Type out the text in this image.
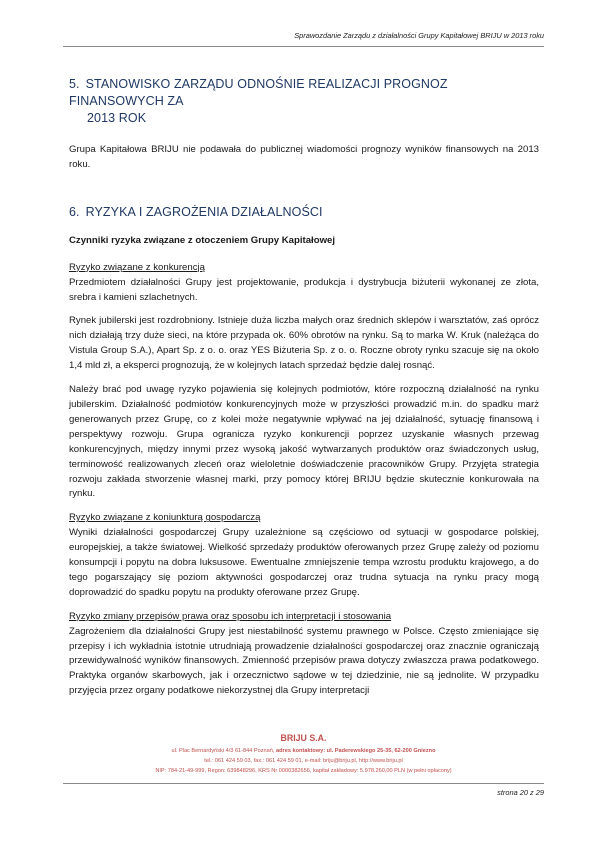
Sprawozdanie Zarządu z działalności Grupy Kapitałowej BRIJU w 2013 roku
5. STANOWISKO ZARZĄDU ODNOŚNIE REALIZACJI PROGNOZ FINANSOWYCH ZA
2013 ROK

Grupa Kapitałowa BRIJU nie podawała do publicznej wiadomości prognozy wyników finansowych na 2013 roku.

6. RYZYKA I ZAGROŻENIA DZIAŁALNOŚCI

Czynniki ryzyka związane z otoczeniem Grupy Kapitałowej

Ryzyko związane z konkurencją

Przedmiotem działalności Grupy jest projektowanie, produkcja i dystrybucja biżuterii wykonanej ze złota, srebra i kamieni szlachetnych.

Rynek jubilerski jest rozdrobniony. Istnieje duża liczba małych oraz średnich sklepów i warsztatów, zaś oprócz nich działają trzy duże sieci, na które przypada ok. 60% obrotów na rynku. Są to marka W. Kruk (należąca do Vistula Group S.A.), Apart Sp. z o. o. oraz YES Biżuteria Sp. z o. o. Roczne obroty rynku szacuje się na około 1,4 mld zł, a eksperci prognozują, że w kolejnych latach sprzedaż będzie dalej rosnąć.

Należy brać pod uwagę ryzyko pojawienia się kolejnych podmiotów, które rozpoczną działalność na rynku jubilerskim. Działalność podmiotów konkurencyjnych może w przyszłości prowadzić m.in. do spadku marż generowanych przez Grupę, co z kolei może negatywnie wpływać na jej działalność, sytuację finansową i perspektywy rozwoju. Grupa ogranicza ryzyko konkurencji poprzez uzyskanie własnych przewag konkurencyjnych, między innymi przez wysoką jakość wytwarzanych produktów oraz świadczonych usług, terminowość realizowanych zleceń oraz wieloletnie doświadczenie pracowników Grupy. Przyjęta strategia rozwoju zakłada stworzenie własnej marki, przy pomocy której BRIJU będzie skutecznie konkurowała na rynku.

Ryzyko związane z koniunkturą gospodarczą

Wyniki działalności gospodarczej Grupy uzależnione są częściowo od sytuacji w gospodarce polskiej, europejskiej, a także światowej. Wielkość sprzedaży produktów oferowanych przez Grupę zależy od poziomu konsumpcji i popytu na dobra luksusowe. Ewentualne zmniejszenie tempa wzrostu produktu krajowego, a do tego pogarszający się poziom aktywności gospodarczej oraz trudna sytuacja na rynku pracy mogą doprowadzić do spadku popytu na produkty oferowane przez Grupę.

Ryzyko zmiany przepisów prawa oraz sposobu ich interpretacji i stosowania

Zagrożeniem dla działalności Grupy jest niestabilność systemu prawnego w Polsce. Często zmieniające się przepisy i ich wykładnia istotnie utrudniają prowadzenie działalności gospodarczej oraz znacznie ograniczają przewidywalność wyników finansowych. Zmienność przepisów prawa dotyczy zwłaszcza prawa podatkowego. Praktyka organów skarbowych, jak i orzecznictwo sądowe w tej dziedzinie, nie są jednolite. W przypadku przyjęcia przez organy podatkowe niekorzystnej dla Grupy interpretacji

BRIJU S.A.
ul. Plac Bernardyński 4/3 61-844 Poznań, adres kontaktowy: ul. Paderewskiego 25-35, 62-200 Gniezno
tel.: 061 424 59 03, fax.: 061 424 59 01, e-mail: briju@briju.pl, http://www.briju.pl
NIP: 784-21-49-999, Regon: 639848296, KRS Nr 0000382656, kapitał zakładowy: 5.978.260,00 PLN (w pełni opłacony)
strona 20 z 29
